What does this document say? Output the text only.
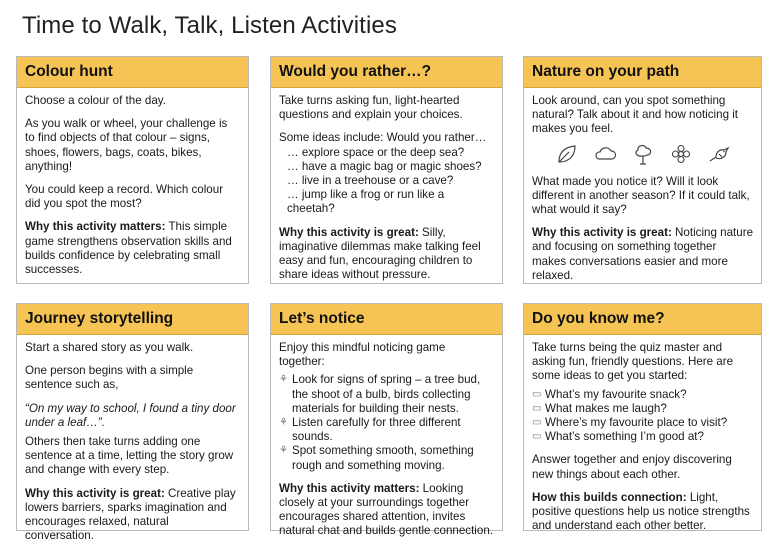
Time to Walk, Talk, Listen Activities
Colour hunt

Choose a colour of the day.

As you walk or wheel, your challenge is to find objects of that colour – signs, shoes, flowers, bags, coats, bikes, anything!

You could keep a record. Which colour did you spot the most?

Why this activity matters: This simple game strengthens observation skills and builds confidence by celebrating small successes.

Would you rather…?

Take turns asking fun, light-hearted questions and explain your choices.

Some ideas include: Would you rather…
… explore space or the deep sea?
… have a magic bag or magic shoes?
… live in a treehouse or a cave?
… jump like a frog or run like a cheetah?

Why this activity is great: Silly, imaginative dilemmas make talking feel easy and fun, encouraging children to share ideas without pressure.

Nature on your path

Look around, can you spot something natural? Talk about it and how noticing it makes you feel.

What made you notice it? Will it look different in another season? If it could talk, what would it say?

Why this activity is great: Noticing nature and focusing on something together makes conversations easier and more relaxed.

Journey storytelling

Start a shared story as you walk.

One person begins with a simple sentence such as,

“On my way to school, I found a tiny door under a leaf…”.

Others then take turns adding one sentence at a time, letting the story grow and change with every step.

Why this activity is great: Creative play lowers barriers, sparks imagination and encourages relaxed, natural conversation.

Let’s notice

Enjoy this mindful noticing game together:

⚘ Look for signs of spring – a tree bud, the shoot of a bulb, birds collecting materials for building their nests.
⚘ Listen carefully for three different sounds.
⚘ Spot something smooth, something rough and something moving.

Why this activity matters: Looking closely at your surroundings together encourages shared attention, invites natural chat and builds gentle connection.

Do you know me?

Take turns being the quiz master and asking fun, friendly questions. Here are some ideas to get you started:

▭ What’s my favourite snack?
▭ What makes me laugh?
▭ Where’s my favourite place to visit?
▭ What’s something I’m good at?

Answer together and enjoy discovering new things about each other.

How this builds connection: Light, positive questions help us notice strengths and understand each other better.
